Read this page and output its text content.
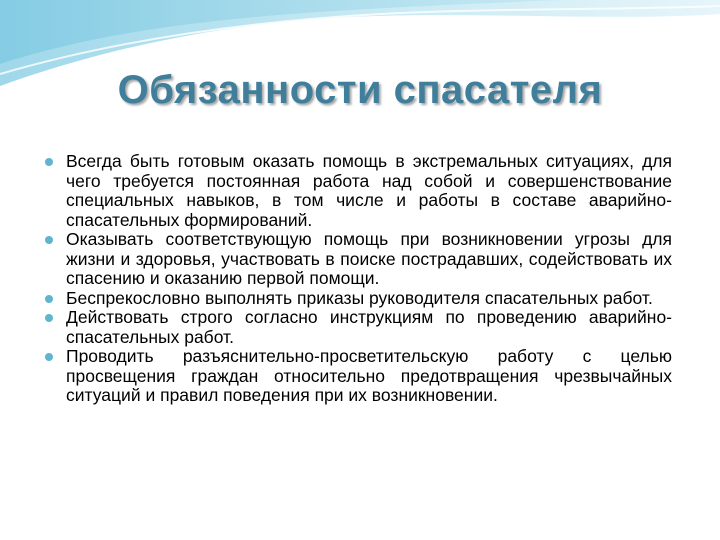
Обязанности спасателя
Всегда быть готовым оказать помощь в экстремальных ситуациях, для чего требуется постоянная работа над собой и совершенствование специальных навыков, в том числе и работы в составе аварийно-спасательных формирований.
Оказывать соответствующую помощь при возникновении угрозы для жизни и здоровья, участвовать в поиске пострадавших, содействовать их спасению и оказанию первой помощи.
Беспрекословно выполнять приказы руководителя спасательных работ.
Действовать строго согласно инструкциям по проведению аварийно-спасательных работ.
Проводить разъяснительно-просветительскую работу с целью просвещения граждан относительно предотвращения чрезвычайных ситуаций и правил поведения при их возникновении.
